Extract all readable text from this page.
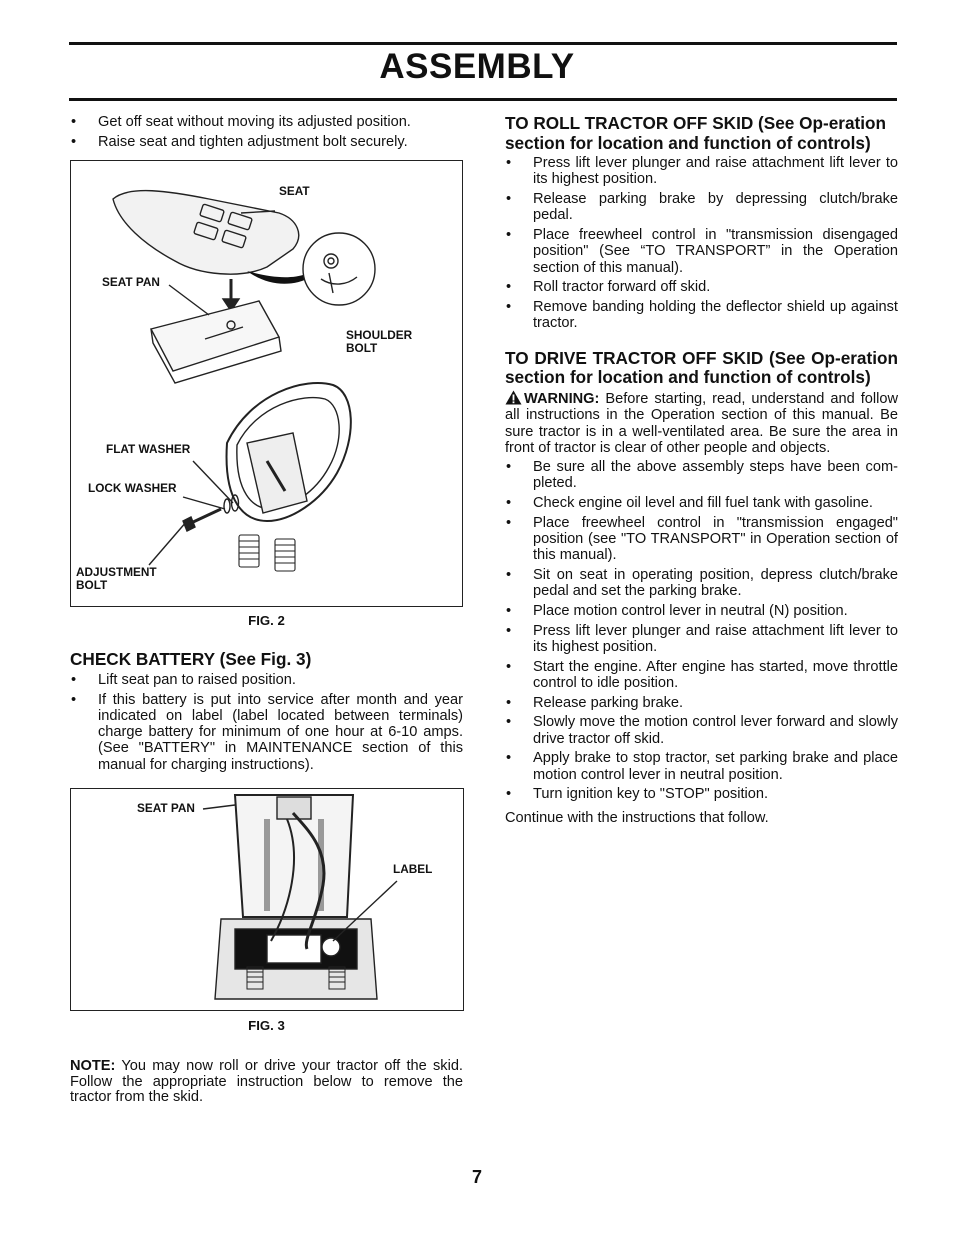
ASSEMBLY
• Get off seat without moving its adjusted position.
• Raise seat and tighten adjustment bolt securely.
SEAT
SEAT PAN
SHOULDER
BOLT
FLAT WASHER
LOCK WASHER
ADJUSTMENT
BOLT
FIG. 2
CHECK BATTERY (See Fig. 3)
• Lift seat pan to raised position.
• If this battery is put into service after month and year indicated on label (label located between terminals) charge battery for minimum of one hour at 6-10 amps. (See "BATTERY" in MAINTENANCE section of this manual for charging instructions).
SEAT PAN
LABEL
FIG. 3

NOTE: You may now roll or drive your tractor off the skid. Follow the appropriate instruction below to remove the tractor from the skid.

TO ROLL TRACTOR OFF SKID (See Op-eration section for location and function of controls)
• Press lift lever plunger and raise attachment lift lever to its highest position.
• Release parking brake by depressing clutch/brake pedal.
• Place freewheel control in "transmission disengaged position" (See “TO TRANSPORT” in the Operation section of this manual).
• Roll tractor forward off skid.
• Remove banding holding the deflector shield up against tractor.
TO DRIVE TRACTOR OFF SKID (See Op-eration section for location and function of controls)

WARNING: Before starting, read, understand and follow all instructions in the Operation section of this manual. Be sure tractor is in a well-ventilated area. Be sure the area in front of tractor is clear of other people and objects.

• Be sure all the above assembly steps have been com-pleted.
• Check engine oil level and fill fuel tank with gasoline.
• Place freewheel control in "transmission engaged" position (see "TO TRANSPORT" in Operation section of this manual).
• Sit on seat in operating position, depress clutch/brake pedal and set the parking brake.
• Place motion control lever in neutral (N) position.
• Press lift lever plunger and raise attachment lift lever to its highest position.
• Start the engine. After engine has started, move throttle control to idle position.
• Release parking brake.
• Slowly move the motion control lever forward and slowly drive tractor off skid.
• Apply brake to stop tractor, set parking brake and place motion control lever in neutral position.
• Turn ignition key to "STOP" position.

Continue with the instructions that follow.

7
